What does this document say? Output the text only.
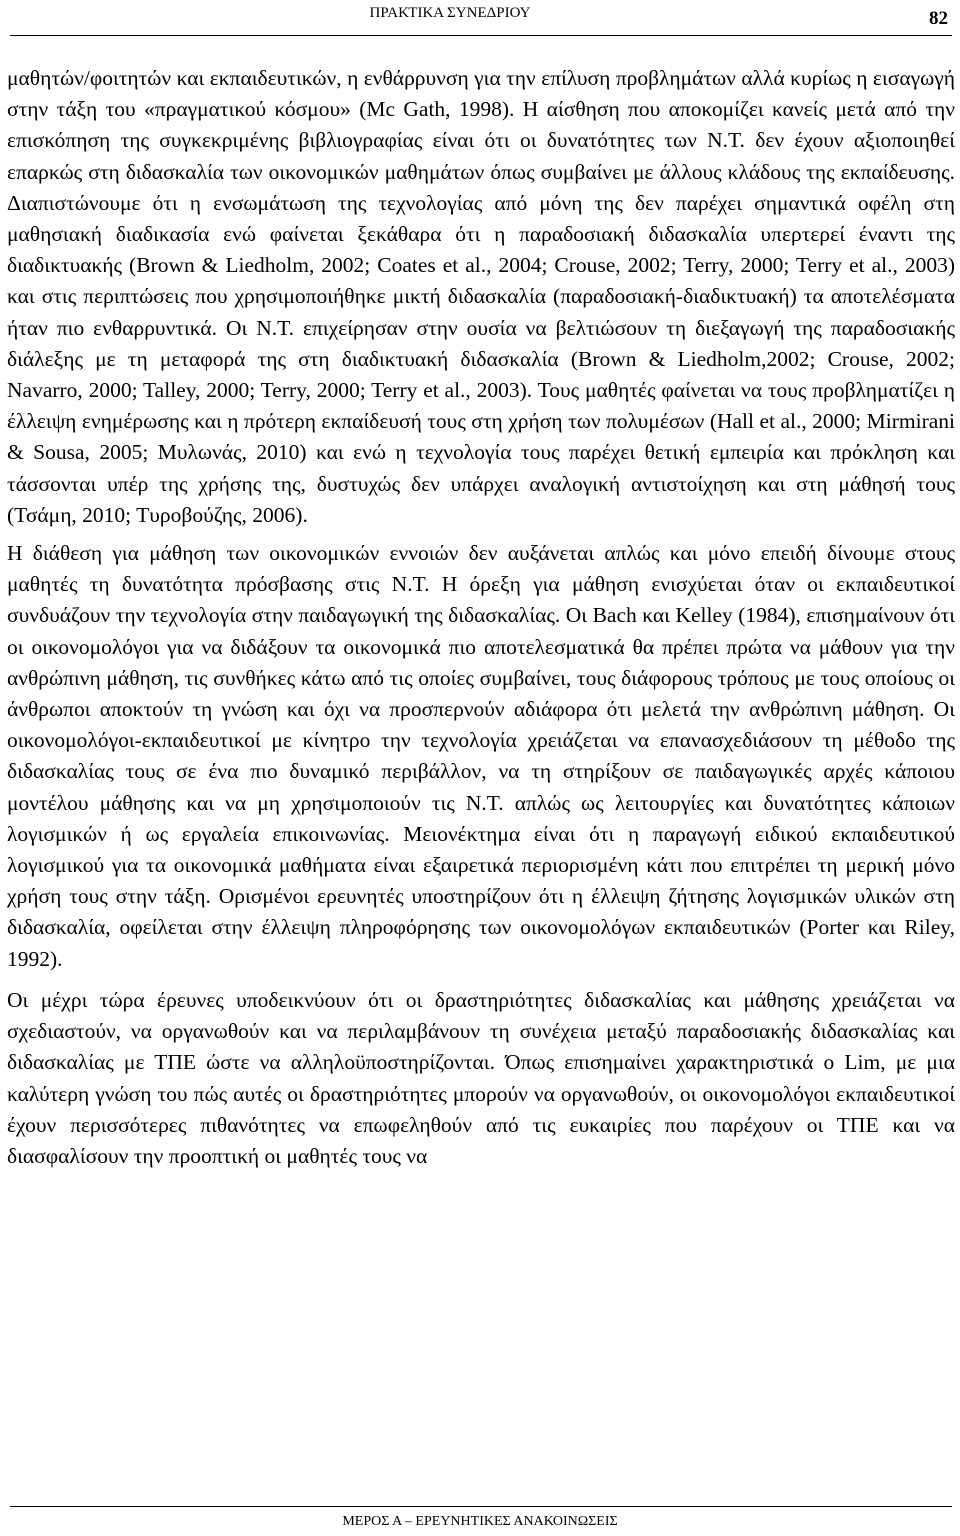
ΠΡΑΚΤΙΚΑ ΣΥΝΕΔΡΙΟΥ	82

μαθητών/φοιτητών και εκπαιδευτικών, η ενθάρρυνση για την επίλυση προβλημάτων αλλά κυρίως η εισαγωγή στην τάξη του «πραγματικού κόσμου» (Mc Gath, 1998). Η αίσθηση που αποκομίζει κανείς μετά από την επισκόπηση της συγκεκριμένης βιβλιογραφίας είναι ότι οι δυνατότητες των Ν.Τ. δεν έχουν αξιοποιηθεί επαρκώς στη διδασκαλία των οικονομικών μαθημάτων όπως συμβαίνει με άλλους κλάδους της εκπαίδευσης. Διαπιστώνουμε ότι η ενσωμάτωση της τεχνολογίας από μόνη της δεν παρέχει σημαντικά οφέλη στη μαθησιακή διαδικασία ενώ φαίνεται ξεκάθαρα ότι η παραδοσιακή διδασκαλία υπερτερεί έναντι της διαδικτυακής (Brown & Liedholm, 2002; Coates et al., 2004; Crouse, 2002; Terry, 2000; Terry et al., 2003) και στις περιπτώσεις που χρησιμοποιήθηκε μικτή διδασκαλία (παραδοσιακή-διαδικτυακή) τα αποτελέσματα ήταν πιο ενθαρρυντικά. Οι Ν.Τ. επιχείρησαν στην ουσία να βελτιώσουν τη διεξαγωγή της παραδοσιακής διάλεξης με τη μεταφορά της στη διαδικτυακή διδασκαλία (Brown & Liedholm,2002; Crouse, 2002; Navarro, 2000; Talley, 2000; Terry, 2000; Terry et al., 2003). Τους μαθητές φαίνεται να τους προβληματίζει η έλλειψη ενημέρωσης και η πρότερη εκπαίδευσή τους στη χρήση των πολυμέσων (Hall et al., 2000; Mirmirani & Sousa, 2005; Μυλωνάς, 2010) και ενώ η τεχνολογία τους παρέχει θετική εμπειρία και πρόκληση και τάσσονται υπέρ της χρήσης της, δυστυχώς δεν υπάρχει αναλογική αντιστοίχηση και στη μάθησή τους (Τσάμη, 2010; Τυροβούζης, 2006).

Η διάθεση για μάθηση των οικονομικών εννοιών δεν αυξάνεται απλώς και μόνο επειδή δίνουμε στους μαθητές τη δυνατότητα πρόσβασης στις Ν.Τ. Η όρεξη για μάθηση ενισχύεται όταν οι εκπαιδευτικοί συνδυάζουν την τεχνολογία στην παιδαγωγική της διδασκαλίας. Οι Bach και Kelley (1984), επισημαίνουν ότι οι οικονομολόγοι για να διδάξουν τα οικονομικά πιο αποτελεσματικά θα πρέπει πρώτα να μάθουν για την ανθρώπινη μάθηση, τις συνθήκες κάτω από τις οποίες συμβαίνει, τους διάφορους τρόπους με τους οποίους οι άνθρωποι αποκτούν τη γνώση και όχι να προσπερνούν αδιάφορα ότι μελετά την ανθρώπινη μάθηση. Οι οικονομολόγοι-εκπαιδευτικοί με κίνητρο την τεχνολογία χρειάζεται να επανασχεδιάσουν τη μέθοδο της διδασκαλίας τους σε ένα πιο δυναμικό περιβάλλον, να τη στηρίξουν σε παιδαγωγικές αρχές κάποιου μοντέλου μάθησης και να μη χρησιμοποιούν τις Ν.Τ. απλώς ως λειτουργίες και δυνατότητες κάποιων λογισμικών ή ως εργαλεία επικοινωνίας. Μειονέκτημα είναι ότι η παραγωγή ειδικού εκπαιδευτικού λογισμικού για τα οικονομικά μαθήματα είναι εξαιρετικά περιορισμένη κάτι που επιτρέπει τη μερική μόνο χρήση τους στην τάξη. Ορισμένοι ερευνητές υποστηρίζουν ότι η έλλειψη ζήτησης λογισμικών υλικών στη διδασκαλία, οφείλεται στην έλλειψη πληροφόρησης των οικονομολόγων εκπαιδευτικών (Porter και Riley, 1992).

Οι μέχρι τώρα έρευνες υποδεικνύουν ότι οι δραστηριότητες διδασκαλίας και μάθησης χρειάζεται να σχεδιαστούν, να οργανωθούν και να περιλαμβάνουν τη συνέχεια μεταξύ παραδοσιακής διδασκαλίας και διδασκαλίας με ΤΠΕ ώστε να αλληλοϋποστηρίζονται. Όπως επισημαίνει χαρακτηριστικά ο Lim, με μια καλύτερη γνώση του πώς αυτές οι δραστηριότητες μπορούν να οργανωθούν, οι οικονομολόγοι εκπαιδευτικοί έχουν περισσότερες πιθανότητες να επωφεληθούν από τις ευκαιρίες που παρέχουν οι ΤΠΕ και να διασφαλίσουν την προοπτική οι μαθητές τους να

ΜΕΡΟΣ Α – ΕΡΕΥΝΗΤΙΚΕΣ ΑΝΑΚΟΙΝΩΣΕΙΣ
